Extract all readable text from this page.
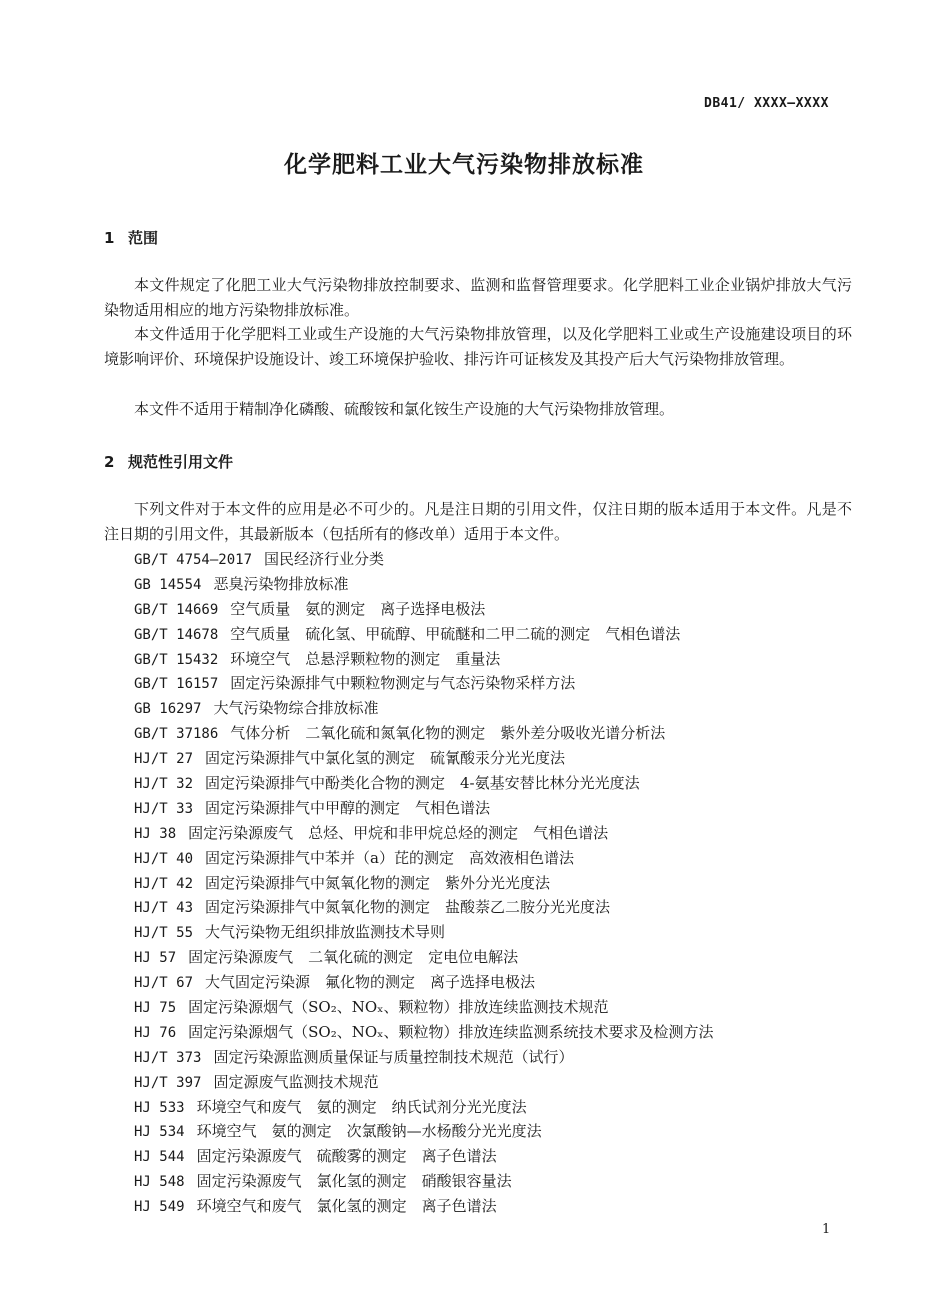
DB41/ XXXX—XXXX
化学肥料工业大气污染物排放标准
1 范围

本文件规定了化肥工业大气污染物排放控制要求、监测和监督管理要求。化学肥料工业企业锅炉排放大气污染物适用相应的地方污染物排放标准。

本文件适用于化学肥料工业或生产设施的大气污染物排放管理，以及化学肥料工业或生产设施建设项目的环境影响评价、环境保护设施设计、竣工环境保护验收、排污许可证核发及其投产后大气污染物排放管理。

本文件不适用于精制净化磷酸、硫酸铵和氯化铵生产设施的大气污染物排放管理。

2 规范性引用文件

下列文件对于本文件的应用是必不可少的。凡是注日期的引用文件，仅注日期的版本适用于本文件。凡是不注日期的引用文件，其最新版本（包括所有的修改单）适用于本文件。

GB/T 4754—2017 国民经济行业分类
GB 14554 恶臭污染物排放标准
GB/T 14669 空气质量　氨的测定　离子选择电极法
GB/T 14678 空气质量　硫化氢、甲硫醇、甲硫醚和二甲二硫的测定　气相色谱法
GB/T 15432 环境空气　总悬浮颗粒物的测定　重量法
GB/T 16157 固定污染源排气中颗粒物测定与气态污染物采样方法
GB 16297 大气污染物综合排放标准
GB/T 37186 气体分析　二氧化硫和氮氧化物的测定　紫外差分吸收光谱分析法
HJ/T 27 固定污染源排气中氯化氢的测定　硫氰酸汞分光光度法
HJ/T 32 固定污染源排气中酚类化合物的测定　4-氨基安替比林分光光度法
HJ/T 33 固定污染源排气中甲醇的测定　气相色谱法
HJ 38 固定污染源废气　总烃、甲烷和非甲烷总烃的测定　气相色谱法
HJ/T 40 固定污染源排气中苯并（a）芘的测定　高效液相色谱法
HJ/T 42 固定污染源排气中氮氧化物的测定　紫外分光光度法
HJ/T 43 固定污染源排气中氮氧化物的测定　盐酸萘乙二胺分光光度法
HJ/T 55 大气污染物无组织排放监测技术导则
HJ 57 固定污染源废气　二氧化硫的测定　定电位电解法
HJ/T 67 大气固定污染源　氟化物的测定　离子选择电极法
HJ 75 固定污染源烟气（SO₂、NOₓ、颗粒物）排放连续监测技术规范
HJ 76 固定污染源烟气（SO₂、NOₓ、颗粒物）排放连续监测系统技术要求及检测方法
HJ/T 373 固定污染源监测质量保证与质量控制技术规范（试行）
HJ/T 397 固定源废气监测技术规范
HJ 533 环境空气和废气　氨的测定　纳氏试剂分光光度法
HJ 534 环境空气　氨的测定　次氯酸钠—水杨酸分光光度法
HJ 544 固定污染源废气　硫酸雾的测定　离子色谱法
HJ 548 固定污染源废气　氯化氢的测定　硝酸银容量法
HJ 549 环境空气和废气　氯化氢的测定　离子色谱法
1
